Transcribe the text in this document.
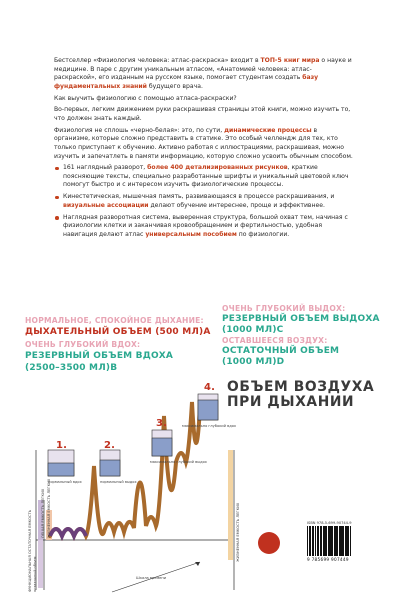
Бестселлер «Физиология человека: атлас-раскраска» входит в ТОП-5 книг мира о науке и медицине. В паре с другим уникальным атласом, «Анатомией человека: атлас-раскраской», его изданным на русском языке, помогает студентам создать базу фундаментальных знаний будущего врача.

Как выучить физиологию с помощью атласа-раскраски?

Во-первых, легким движением руки раскрашивая страницы этой книги, можно изучить то, что должен знать каждый.

Физиология не сплошь «черно-белая»: это, по сути, динамические процессы в организме, которые сложно представить в статике. Это особый челлендж для тех, кто только приступает к обучению. Активно работая с иллюстрациями, раскрашивая, можно изучить и запечатлеть в памяти информацию, которую сложно усвоить обычным способом.

161 наглядный разворот, более 400 детализированных рисунков, краткие поясняющие тексты, специально разработанные шрифты и уникальный цветовой ключ помогут быстро и с интересом изучить физиологические процессы.
Кинестетическая, мышечная память, развивающаяся в процессе раскрашивания, и визуальные ассоциации делают обучение интереснее, проще и эффективнее.
Наглядная разворотная система, выверенная структура, большой охват тем, начиная с физиологии клетки и заканчивая кровообращением и фертильностью, удобная навигация делают атлас универсальным пособием по физиологии.
НОРМАЛЬНОЕ, СПОКОЙНОЕ ДЫХАНИЕ:
ДЫХАТЕЛЬНЫЙ ОБЪЕМ (500 МЛ)А
ОЧЕНЬ ГЛУБОКИЙ ВДОХ:
РЕЗЕРВНЫЙ ОБЪЕМ ВДОХА
(2500–3500 МЛ)В
ОЧЕНЬ ГЛУБОКИЙ ВЫДОХ:
РЕЗЕРВНЫЙ ОБЪЕМ ВЫДОХА
(1000 МЛ)С
ОСТАВШЕЕСЯ ВОЗДУХ:
ОСТАТОЧНЫЙ ОБЪЕМ
(1000 МЛ)D
ОБЪЕМ ВОЗДУХА
ПРИ ДЫХАНИИ
1.	2.
3.
4.
нормальный вдох	нормальный выдох
максимально глубокий выдох
максимально глубокий вдох
Шкала времени
ФУНКЦИОНАЛЬНАЯ ОСТАТОЧНАЯ ЕМКОСТЬ остаточный объем
ОБЩАЯ ЕМКОСТЬ ЛЕГКИХ ЖИЗНЕННАЯ ЕМКОСТЬ ЛЕГКИХ	ЖИЗНЕННАЯ ЕМКОСТЬ ЛЕГКИХ	ISBN 978-5-699-90744-9
9 785699 907449
